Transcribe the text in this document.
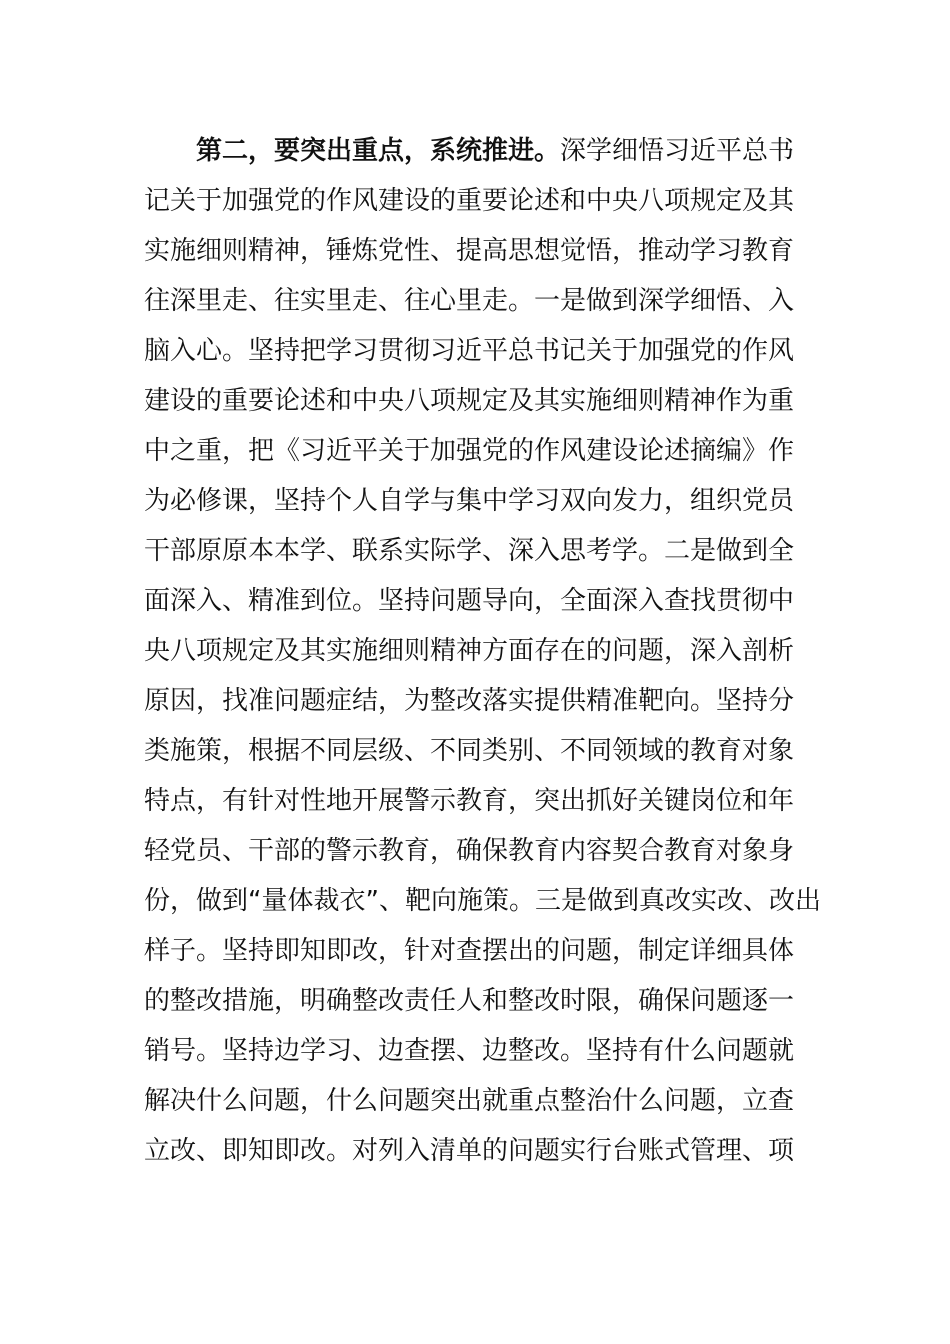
第二，要突出重点，系统推进。深学细悟习近平总书
记关于加强党的作风建设的重要论述和中央八项规定及其
实施细则精神，锤炼党性、提高思想觉悟，推动学习教育
往深里走、往实里走、往心里走。一是做到深学细悟、入
脑入心。坚持把学习贯彻习近平总书记关于加强党的作风
建设的重要论述和中央八项规定及其实施细则精神作为重
中之重，把《习近平关于加强党的作风建设论述摘编》作
为必修课，坚持个人自学与集中学习双向发力，组织党员
干部原原本本学、联系实际学、深入思考学。二是做到全
面深入、精准到位。坚持问题导向，全面深入查找贯彻中
央八项规定及其实施细则精神方面存在的问题，深入剖析
原因，找准问题症结，为整改落实提供精准靶向。坚持分
类施策，根据不同层级、不同类别、不同领域的教育对象
特点，有针对性地开展警示教育，突出抓好关键岗位和年
轻党员、干部的警示教育，确保教育内容契合教育对象身
份，做到“量体裁衣”、靶向施策。三是做到真改实改、改出
样子。坚持即知即改，针对查摆出的问题，制定详细具体
的整改措施，明确整改责任人和整改时限，确保问题逐一
销号。坚持边学习、边查摆、边整改。坚持有什么问题就
解决什么问题，什么问题突出就重点整治什么问题，立查
立改、即知即改。对列入清单的问题实行台账式管理、项
